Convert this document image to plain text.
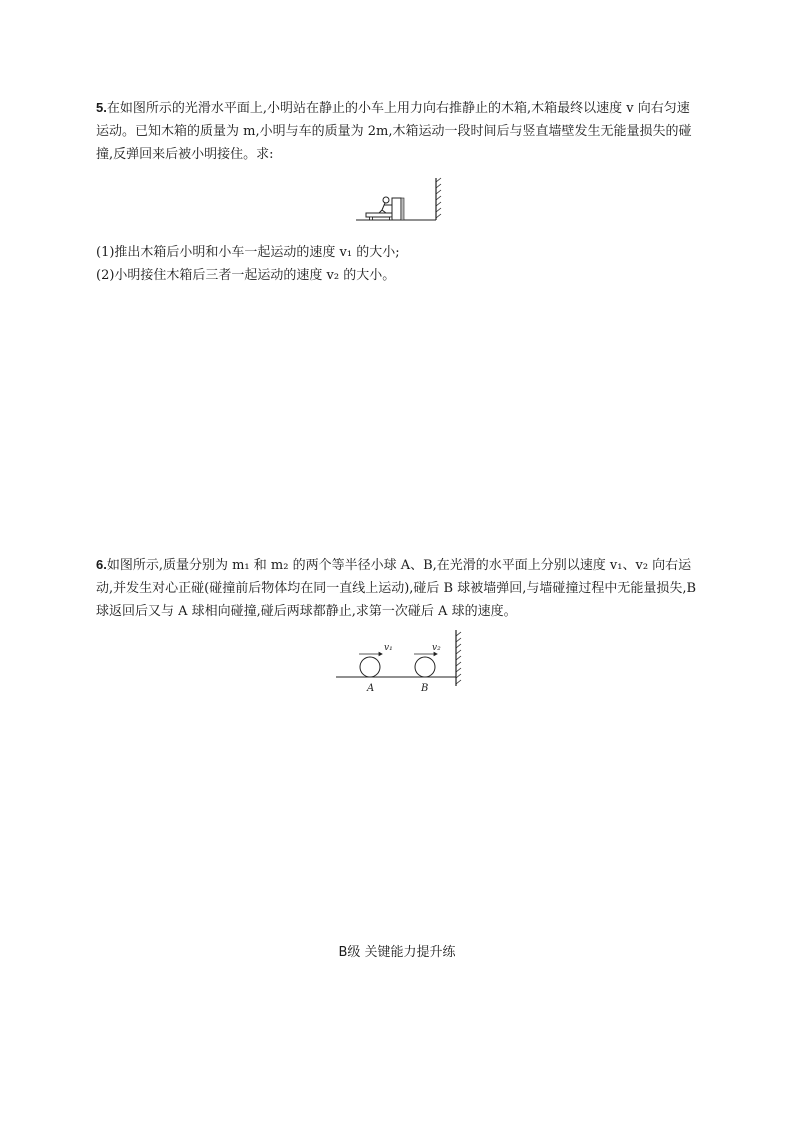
5.在如图所示的光滑水平面上,小明站在静止的小车上用力向右推静止的木箱,木箱最终以速度 v 向右匀速运动。已知木箱的质量为 m,小明与车的质量为 2m,木箱运动一段时间后与竖直墙壁发生无能量损失的碰撞,反弹回来后被小明接住。求:

(1)推出木箱后小明和小车一起运动的速度 v₁ 的大小;

(2)小明接住木箱后三者一起运动的速度 v₂ 的大小。

6.如图所示,质量分别为 m₁ 和 m₂ 的两个等半径小球 A、B,在光滑的水平面上分别以速度 v₁、v₂ 向右运动,并发生对心正碰(碰撞前后物体均在同一直线上运动),碰后 B 球被墙弹回,与墙碰撞过程中无能量损失,B 球返回后又与 A 球相向碰撞,碰后两球都静止,求第一次碰后 A 球的速度。

v₁	v₂
A	B
B级 关键能力提升练
